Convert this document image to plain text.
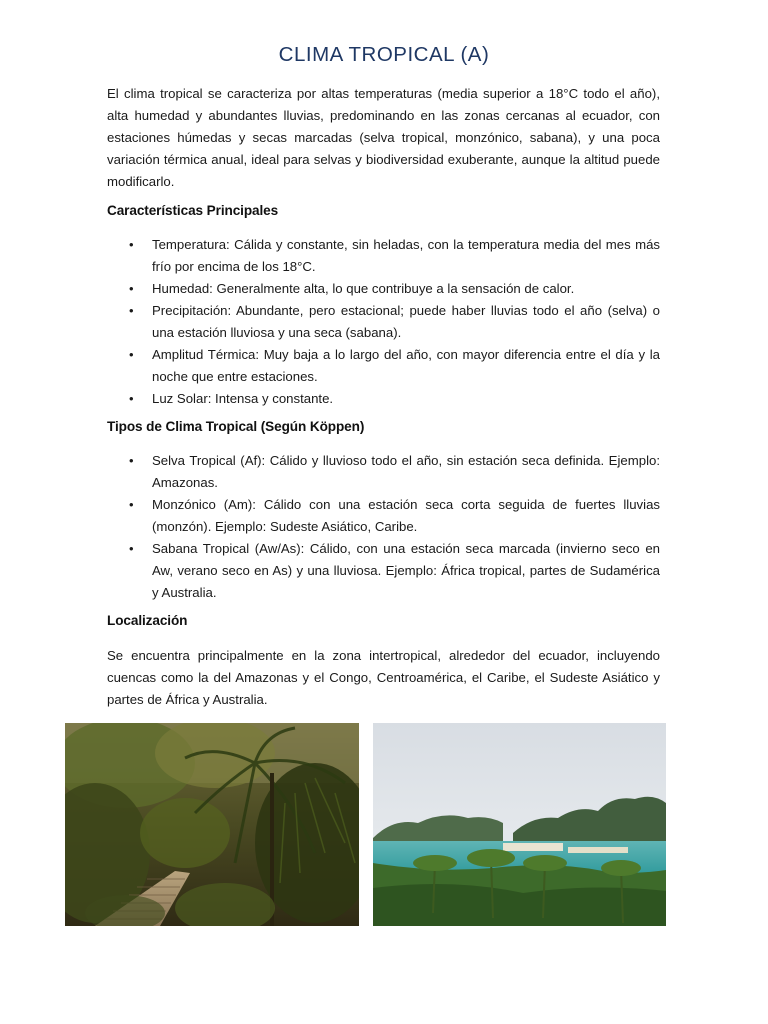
CLIMA TROPICAL (A)

El clima tropical se caracteriza por altas temperaturas (media superior a 18°C todo el año), alta humedad y abundantes lluvias, predominando en las zonas cercanas al ecuador, con estaciones húmedas y secas marcadas (selva tropical, monzónico, sabana), y una poca variación térmica anual, ideal para selvas y biodiversidad exuberante, aunque la altitud puede modificarlo.

Características Principales
• Temperatura: Cálida y constante, sin heladas, con la temperatura media del mes más frío por encima de los 18°C.
• Humedad: Generalmente alta, lo que contribuye a la sensación de calor.
• Precipitación: Abundante, pero estacional; puede haber lluvias todo el año (selva) o una estación lluviosa y una seca (sabana).
• Amplitud Térmica: Muy baja a lo largo del año, con mayor diferencia entre el día y la noche que entre estaciones.
• Luz Solar: Intensa y constante.
Tipos de Clima Tropical (Según Köppen)
• Selva Tropical (Af): Cálido y lluvioso todo el año, sin estación seca definida. Ejemplo: Amazonas.
• Monzónico (Am): Cálido con una estación seca corta seguida de fuertes lluvias (monzón). Ejemplo: Sudeste Asiático, Caribe.
• Sabana Tropical (Aw/As): Cálido, con una estación seca marcada (invierno seco en Aw, verano seco en As) y una lluviosa. Ejemplo: África tropical, partes de Sudamérica y Australia.
Localización

Se encuentra principalmente en la zona intertropical, alrededor del ecuador, incluyendo cuencas como la del Amazonas y el Congo, Centroamérica, el Caribe, el Sudeste Asiático y partes de África y Australia.
